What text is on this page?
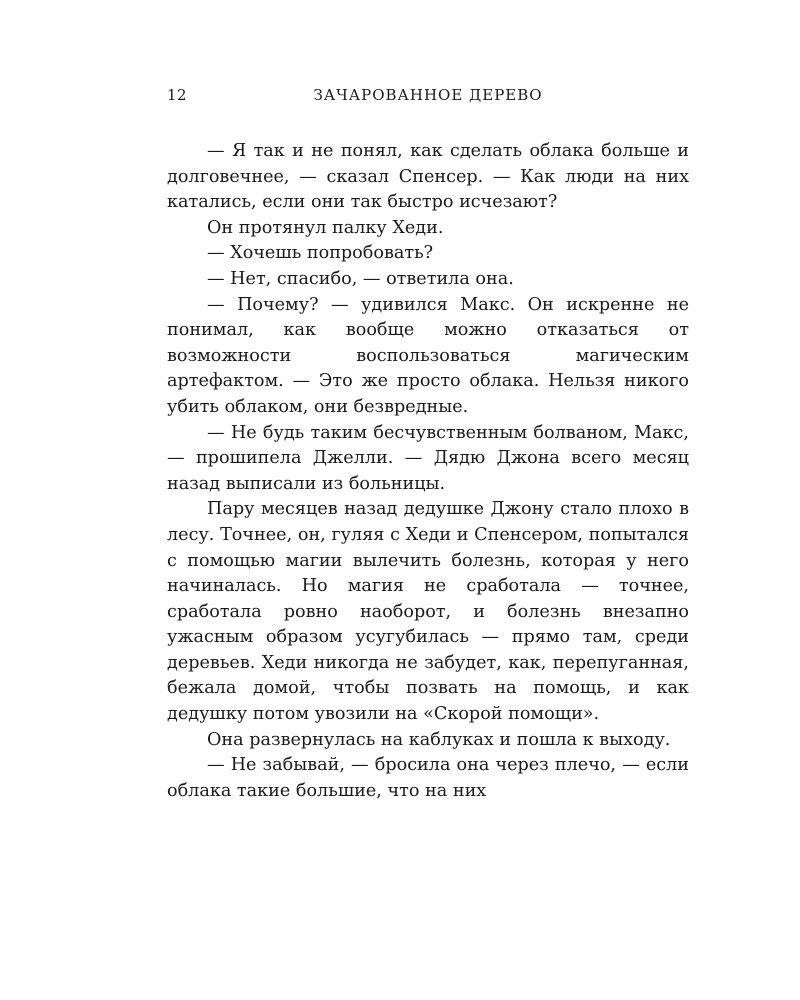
12	ЗАЧАРОВАННОЕ ДЕРЕВО

— Я так и не понял, как сделать облака больше и долговечнее, — сказал Спенсер. — Как люди на них катались, если они так быстро исчезают?

Он протянул палку Хеди.

— Хочешь попробовать?

— Нет, спасибо, — ответила она.

— Почему? — удивился Макс. Он искренне не понимал, как вообще можно отказаться от возможности воспользоваться магическим артефактом. — Это же просто облака. Нельзя никого убить облаком, они безвредные.

— Не будь таким бесчувственным болваном, Макс, — прошипела Джелли. — Дядю Джона всего месяц назад выписали из больницы.

Пару месяцев назад дедушке Джону стало плохо в лесу. Точнее, он, гуляя с Хеди и Спенсером, попытался с помощью магии вылечить болезнь, которая у него начиналась. Но магия не сработала — точнее, сработала ровно наоборот, и болезнь внезапно ужасным образом усугубилась — прямо там, среди деревьев. Хеди никогда не забудет, как, перепуганная, бежала домой, чтобы позвать на помощь, и как дедушку потом увозили на «Скорой помощи».

Она развернулась на каблуках и пошла к выходу.

— Не забывай, — бросила она через плечо, — если облака такие большие, что на них
